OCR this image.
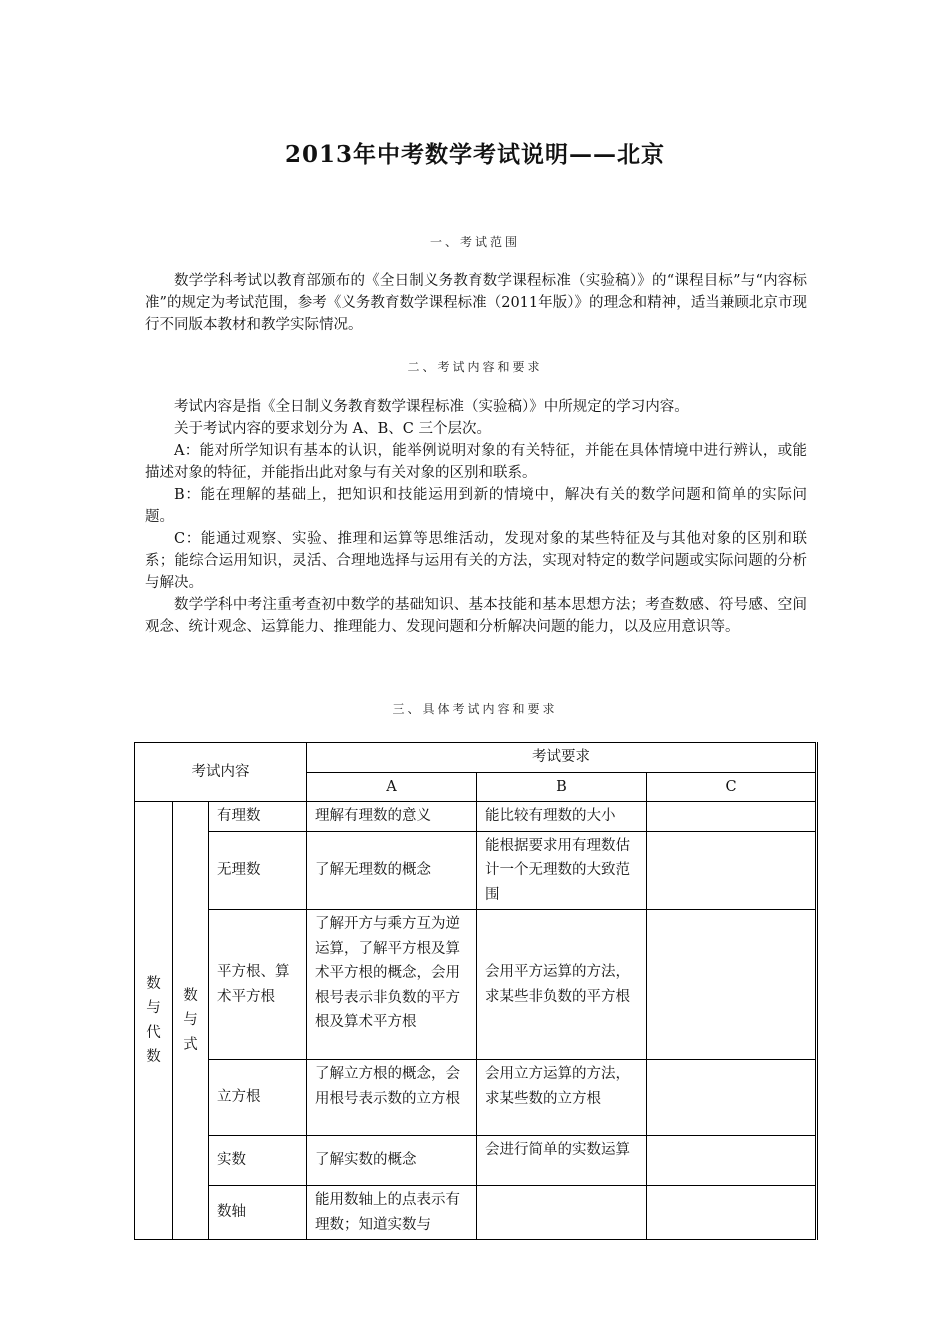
2013年中考数学考试说明——北京
一、考试范围

数学学科考试以教育部颁布的《全日制义务教育数学课程标准（实验稿）》的“课程目标”与“内容标准”的规定为考试范围，参考《义务教育数学课程标准（2011年版）》的理念和精神，适当兼顾北京市现行不同版本教材和教学实际情况。

二、考试内容和要求

考试内容是指《全日制义务教育数学课程标准（实验稿）》中所规定的学习内容。

关于考试内容的要求划分为 A、B、C 三个层次。

A：能对所学知识有基本的认识，能举例说明对象的有关特征，并能在具体情境中进行辨认，或能描述对象的特征，并能指出此对象与有关对象的区别和联系。

B：能在理解的基础上，把知识和技能运用到新的情境中，解决有关的数学问题和简单的实际问题。

C：能通过观察、实验、推理和运算等思维活动，发现对象的某些特征及与其他对象的区别和联系；能综合运用知识，灵活、合理地选择与运用有关的方法，实现对特定的数学问题或实际问题的分析与解决。

数学学科中考注重考查初中数学的基础知识、基本技能和基本思想方法；考查数感、符号感、空间观念、统计观念、运算能力、推理能力、发现问题和分析解决问题的能力，以及应用意识等。

三、具体考试内容和要求
考试内容			考试要求		
			A	B	C

数
与
代
数	数
与
式	有理数	理解有理数的意义	能比较有理数的大小	
		无理数	了解无理数的概念	能根据要求用有理数估计一个无理数的大致范围	
		平方根、算术平方根	了解开方与乘方互为逆运算，了解平方根及算术平方根的概念，会用根号表示非负数的平方根及算术平方根	会用平方运算的方法，求某些非负数的平方根	
		立方根	了解立方根的概念，会用根号表示数的立方根	会用立方运算的方法，求某些数的立方根	
		实数	了解实数的概念	会进行简单的实数运算	
		数轴	能用数轴上的点表示有理数；知道实数与		
